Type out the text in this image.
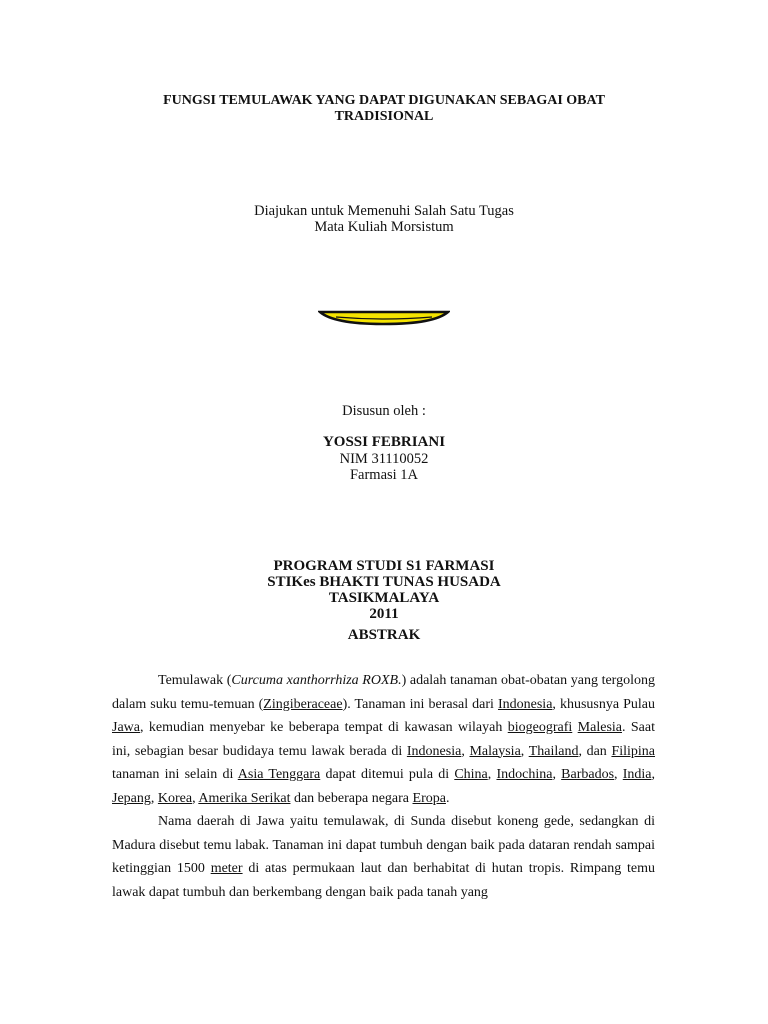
FUNGSI TEMULAWAK YANG DAPAT DIGUNAKAN SEBAGAI OBAT
TRADISIONAL
Diajukan untuk Memenuhi Salah Satu Tugas
Mata Kuliah Morsistum
Disusun oleh :
YOSSI FEBRIANI
NIM 31110052
Farmasi 1A
PROGRAM STUDI S1 FARMASI
STIKes BHAKTI TUNAS HUSADA
TASIKMALAYA
2011
ABSTRAK

Temulawak (Curcuma xanthorrhiza ROXB.) adalah tanaman obat-obatan yang tergolong dalam suku temu-temuan (Zingiberaceae). Tanaman ini berasal dari Indonesia, khususnya Pulau Jawa, kemudian menyebar ke beberapa tempat di kawasan wilayah biogeografi Malesia. Saat ini, sebagian besar budidaya temu lawak berada di Indonesia, Malaysia, Thailand, dan Filipina tanaman ini selain di Asia Tenggara dapat ditemui pula di China, Indochina, Barbados, India, Jepang, Korea, Amerika Serikat dan beberapa negara Eropa.

Nama daerah di Jawa yaitu temulawak, di Sunda disebut koneng gede, sedangkan di Madura disebut temu labak. Tanaman ini dapat tumbuh dengan baik pada dataran rendah sampai ketinggian 1500 meter di atas permukaan laut dan berhabitat di hutan tropis. Rimpang temu lawak dapat tumbuh dan berkembang dengan baik pada tanah yang
